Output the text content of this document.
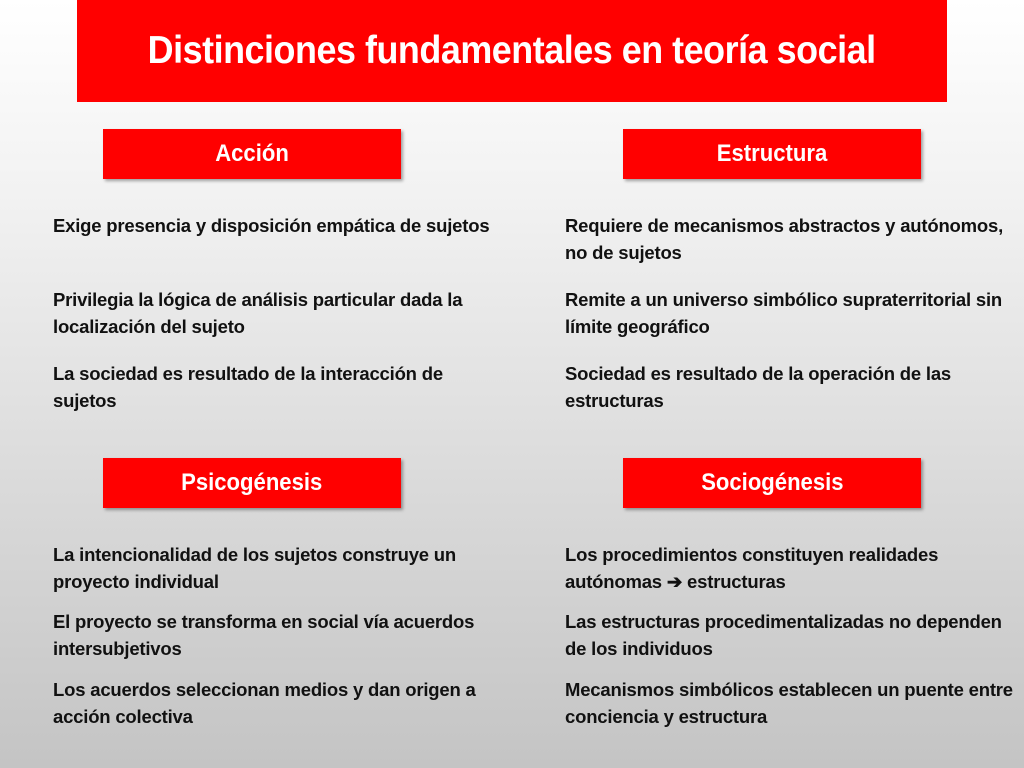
Distinciones fundamentales en teoría social
Acción	Estructura
Exige presencia y disposición empática de sujetos
Privilegia la lógica de análisis particular dada la localización del sujeto
La sociedad es resultado de la interacción de sujetos
Requiere de mecanismos abstractos y autónomos, no de sujetos
Remite a un universo simbólico supraterritorial sin límite geográfico
Sociedad es resultado de la operación de las estructuras
Psicogénesis	Sociogénesis
La intencionalidad de los sujetos construye un proyecto individual
El proyecto se transforma en social vía acuerdos intersubjetivos
Los acuerdos seleccionan medios y dan origen a acción colectiva
Los procedimientos constituyen realidades autónomas ➔ estructuras
Las estructuras procedimentalizadas no dependen de los individuos
Mecanismos simbólicos establecen un puente entre conciencia y estructura
